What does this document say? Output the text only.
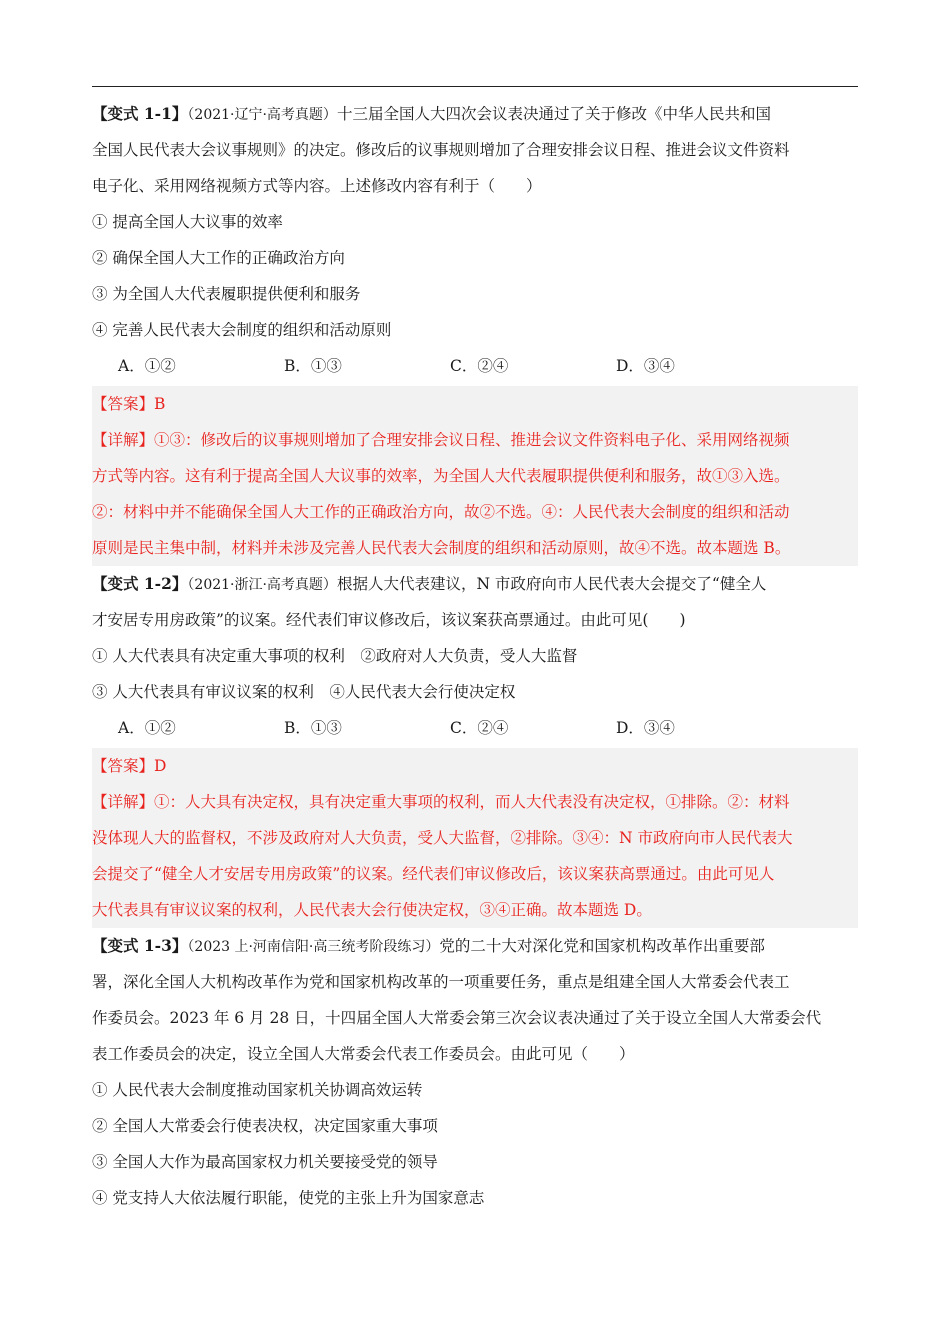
【变式 1-1】（2021·辽宁·高考真题）十三届全国人大四次会议表决通过了关于修改《中华人民共和国
全国人民代表大会议事规则》的决定。修改后的议事规则增加了合理安排会议日程、推进会议文件资料
电子化、采用网络视频方式等内容。上述修改内容有利于（　　）
① 提高全国人大议事的效率
② 确保全国人大工作的正确政治方向
③ 为全国人大代表履职提供便利和服务
④ 完善人民代表大会制度的组织和活动原则
A．①②	B．①③	C．②④	D．③④
【答案】B
【详解】①③：修改后的议事规则增加了合理安排会议日程、推进会议文件资料电子化、采用网络视频
方式等内容。这有利于提高全国人大议事的效率，为全国人大代表履职提供便利和服务，故①③入选。
②：材料中并不能确保全国人大工作的正确政治方向，故②不选。④：人民代表大会制度的组织和活动
原则是民主集中制，材料并未涉及完善人民代表大会制度的组织和活动原则，故④不选。故本题选 B。
【变式 1-2】（2021·浙江·高考真题）根据人大代表建议，N 市政府向市人民代表大会提交了“健全人
才安居专用房政策”的议案。经代表们审议修改后，该议案获高票通过。由此可见(　　)
① 人大代表具有决定重大事项的权利　②政府对人大负责，受人大监督
③ 人大代表具有审议议案的权利　④人民代表大会行使决定权
A．①②	B．①③	C．②④	D．③④
【答案】D
【详解】①：人大具有决定权，具有决定重大事项的权利，而人大代表没有决定权，①排除。②：材料
没体现人大的监督权，不涉及政府对人大负责，受人大监督，②排除。③④：N 市政府向市人民代表大
会提交了“健全人才安居专用房政策”的议案。经代表们审议修改后，该议案获高票通过。由此可见人
大代表具有审议议案的权利，人民代表大会行使决定权，③④正确。故本题选 D。
【变式 1-3】（2023 上·河南信阳·高三统考阶段练习）党的二十大对深化党和国家机构改革作出重要部
署，深化全国人大机构改革作为党和国家机构改革的一项重要任务，重点是组建全国人大常委会代表工
作委员会。2023 年 6 月 28 日，十四届全国人大常委会第三次会议表决通过了关于设立全国人大常委会代
表工作委员会的决定，设立全国人大常委会代表工作委员会。由此可见（　　）
① 人民代表大会制度推动国家机关协调高效运转
② 全国人大常委会行使表决权，决定国家重大事项
③ 全国人大作为最高国家权力机关要接受党的领导
④ 党支持人大依法履行职能，使党的主张上升为国家意志
